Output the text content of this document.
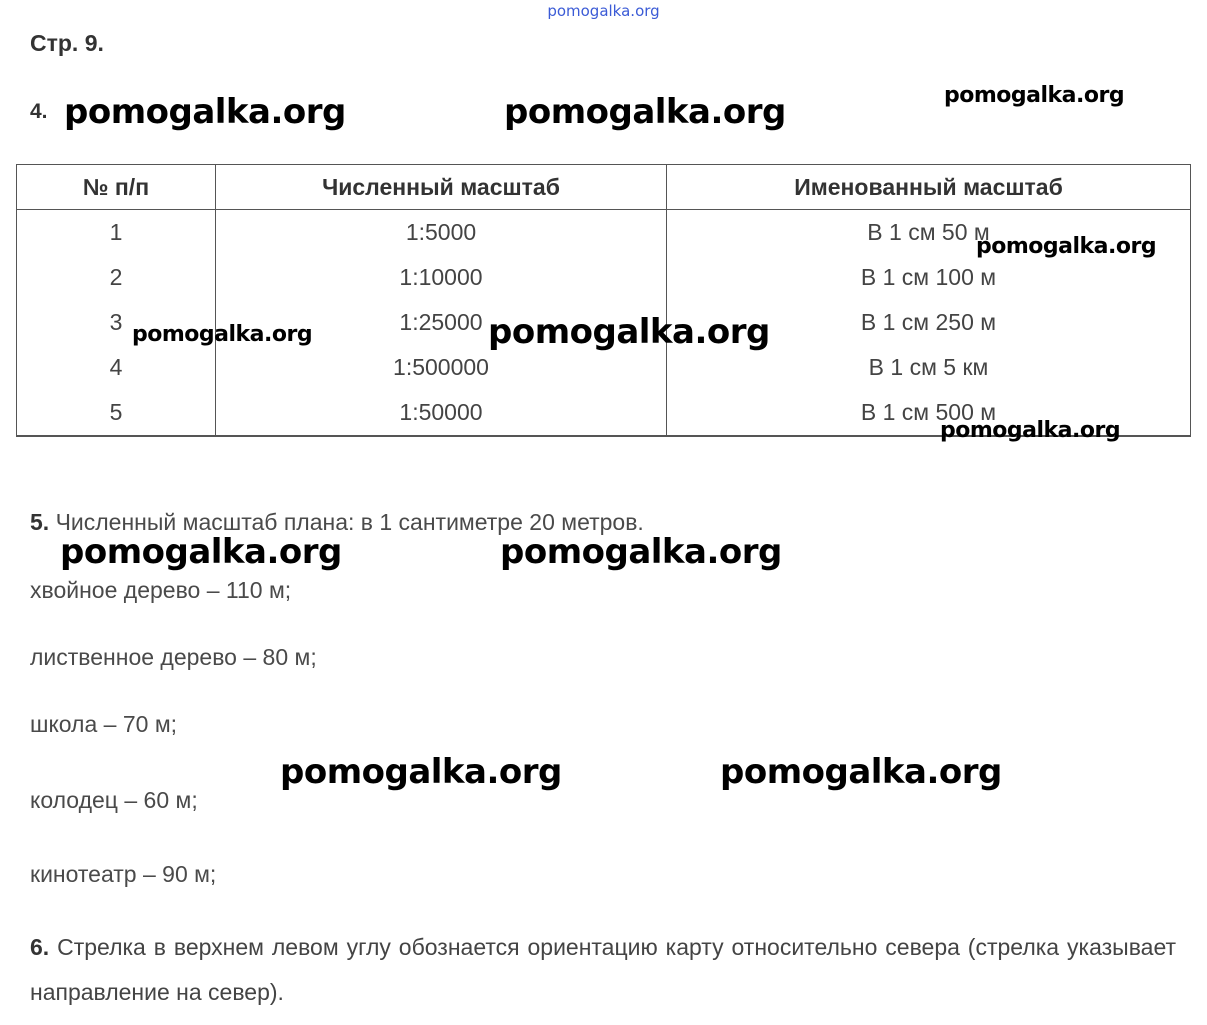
pomogalka.org
Стр. 9.
4.
№ п/п	Численный масштаб	Именованный масштаб
1	1:5000	В 1 см 50 м
2	1:10000	В 1 см 100 м
3	1:25000	В 1 см 250 м
4	1:500000	В 1 см 5 км
5	1:50000	В 1 см 500 м
5. Численный масштаб плана: в 1 сантиметре 20 метров.
хвойное дерево – 110 м;
лиственное дерево – 80 м;
школа – 70 м;
колодец – 60 м;
кинотеатр – 90 м;
6. Стрелка в верхнем левом углу обознается ориентацию карту относительно севера (стрелка указывает направление на север).
pomogalka.org	pomogalka.org	pomogalka.org
pomogalka.org
pomogalka.org	pomogalka.org
pomogalka.org
pomogalka.org	pomogalka.org
pomogalka.org	pomogalka.org
